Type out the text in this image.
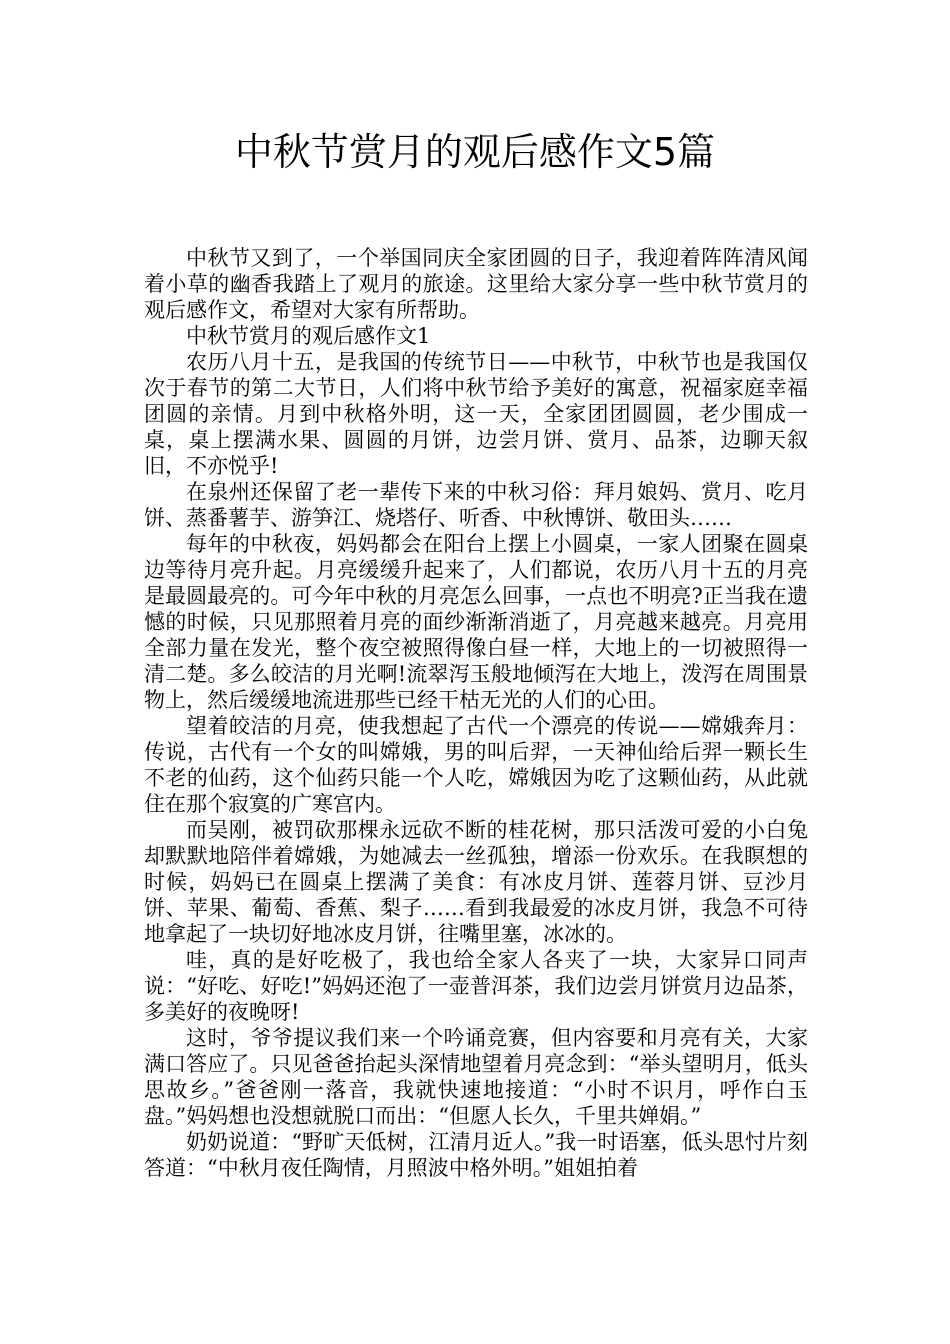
中秋节赏月的观后感作文5篇

中秋节又到了，一个举国同庆全家团圆的日子，我迎着阵阵清风闻着小草的幽香我踏上了观月的旅途。这里给大家分享一些中秋节赏月的观后感作文，希望对大家有所帮助。

中秋节赏月的观后感作文1

农历八月十五，是我国的传统节日——中秋节，中秋节也是我国仅次于春节的第二大节日，人们将中秋节给予美好的寓意，祝福家庭幸福团圆的亲情。月到中秋格外明，这一天，全家团团圆圆，老少围成一桌，桌上摆满水果、圆圆的月饼，边尝月饼、赏月、品茶，边聊天叙旧，不亦悦乎!

在泉州还保留了老一辈传下来的中秋习俗：拜月娘妈、赏月、吃月饼、蒸番薯芋、游笋江、烧塔仔、听香、中秋博饼、敬田头……

每年的中秋夜，妈妈都会在阳台上摆上小圆桌，一家人团聚在圆桌边等待月亮升起。月亮缓缓升起来了，人们都说，农历八月十五的月亮是最圆最亮的。可今年中秋的月亮怎么回事，一点也不明亮?正当我在遗憾的时候，只见那照着月亮的面纱渐渐消逝了，月亮越来越亮。月亮用全部力量在发光，整个夜空被照得像白昼一样，大地上的一切被照得一清二楚。多么皎洁的月光啊!流翠泻玉般地倾泻在大地上，泼泻在周围景物上，然后缓缓地流进那些已经干枯无光的人们的心田。

望着皎洁的月亮，使我想起了古代一个漂亮的传说——嫦娥奔月：传说，古代有一个女的叫嫦娥，男的叫后羿，一天神仙给后羿一颗长生不老的仙药，这个仙药只能一个人吃，嫦娥因为吃了这颗仙药，从此就住在那个寂寞的广寒宫内。

而吴刚，被罚砍那棵永远砍不断的桂花树，那只活泼可爱的小白兔却默默地陪伴着嫦娥，为她减去一丝孤独，增添一份欢乐。在我瞑想的时候，妈妈已在圆桌上摆满了美食：有冰皮月饼、莲蓉月饼、豆沙月饼、苹果、葡萄、香蕉、梨子……看到我最爱的冰皮月饼，我急不可待地拿起了一块切好地冰皮月饼，往嘴里塞，冰冰的。

哇，真的是好吃极了，我也给全家人各夹了一块，大家异口同声说：“好吃、好吃!”妈妈还泡了一壶普洱茶，我们边尝月饼赏月边品茶，多美好的夜晚呀!

这时，爷爷提议我们来一个吟诵竞赛，但内容要和月亮有关，大家满口答应了。只见爸爸抬起头深情地望着月亮念到：“举头望明月，低头思故乡。”爸爸刚一落音，我就快速地接道：“小时不识月，呼作白玉盘。”妈妈想也没想就脱口而出：“但愿人长久，千里共婵娟。”

奶奶说道：“野旷天低树，江清月近人。”我一时语塞，低头思忖片刻答道：“中秋月夜任陶情，月照波中格外明。”姐姐拍着
